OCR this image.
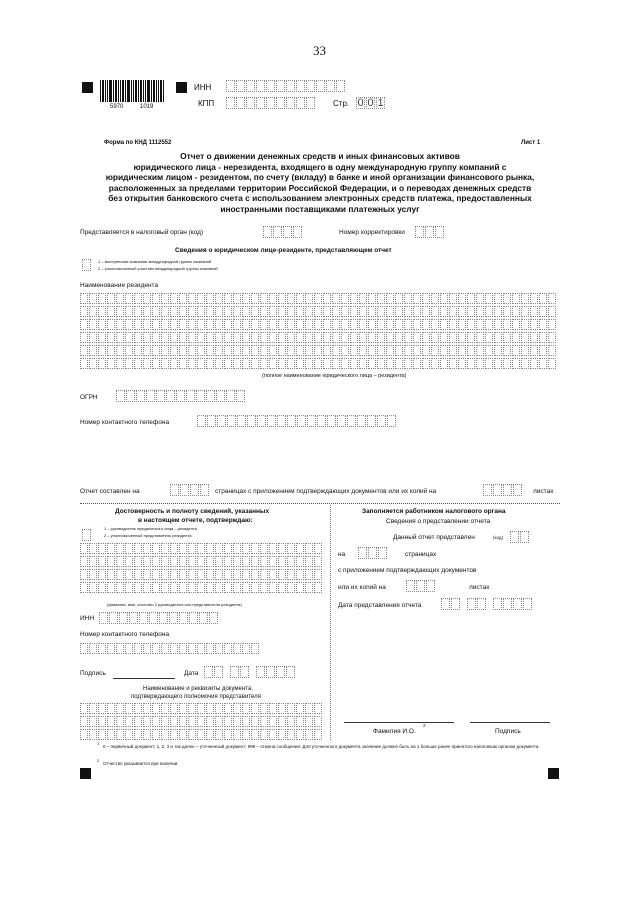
33
5970	1019
ИНН
КПП	Стр. 0 0 1
Форма по КНД 1112552	Лист 1
Отчет о движении денежных средств и иных финансовых активов
юридического лица - нерезидента, входящего в одну международную группу компаний с
юридическим лицом - резидентом, по счету (вкладу) в банке и иной организации финансового рынка,
расположенных за пределами территории Российской Федерации, и о переводах денежных средств
без открытия банковского счета с использованием электронных средств платежа, предоставленных
иностранными поставщиками платежных услуг
Представляется в налоговый орган (код)	Номер корректировки
Сведения о юридическом лице-резиденте, представляющем отчет
1 – материнская компания международной группы компаний
2 – уполномоченный участник международной группы компаний
Наименование резидента
(полное наименование юридического лица – резидента)
ОГРН
Номер контактного телефона
Отчет составлен на	страницах с приложением подтверждающих документов или их копий на	листах
Достоверность и полноту сведений, указанных
в настоящем отчете, подтверждаю:
1 – руководитель юридического лица – резидента
2 – уполномоченный представитель резидента
(фамилия, имя, отчество 2 руководителя или представителя резидента)
ИНН
Номер контактного телефона
Подпись	Дата
Наименование и реквизиты документа,
подтверждающего полномочия представителя
Заполняется работником налогового органа
Сведения о представлении отчета
Данный отчет представлен	(код)
на	страницах
с приложением подтверждающих документов
или их копий на	листах
Дата представления отчета
Фамилия И.О.
2
Подпись
1
0 – первичный документ; 1, 2, 3 и так далее – уточненный документ; 999 – отмена сообщения. Для уточненного документа значение должно быть на 1 больше ранее принятого налоговым органом документа.
2
Отчество указывается при наличии.
